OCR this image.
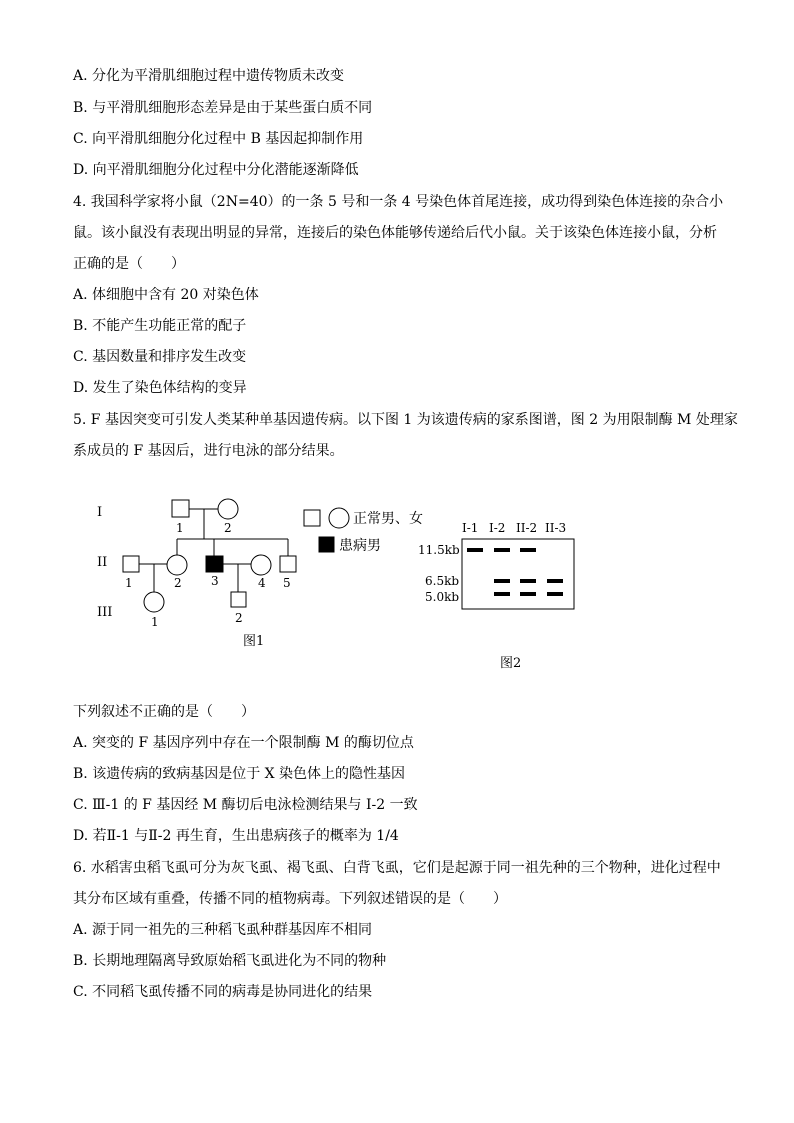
A. 分化为平滑肌细胞过程中遗传物质未改变
B. 与平滑肌细胞形态差异是由于某些蛋白质不同
C. 向平滑肌细胞分化过程中 B 基因起抑制作用
D. 向平滑肌细胞分化过程中分化潜能逐渐降低
4. 我国科学家将小鼠（2N=40）的一条 5 号和一条 4 号染色体首尾连接，成功得到染色体连接的杂合小
鼠。该小鼠没有表现出明显的异常，连接后的染色体能够传递给后代小鼠。关于该染色体连接小鼠，分析
正确的是（　　）
A. 体细胞中含有 20 对染色体
B. 不能产生功能正常的配子
C. 基因数量和排序发生改变
D. 发生了染色体结构的变异
5. F 基因突变可引发人类某种单基因遗传病。以下图 1 为该遗传病的家系图谱，图 2 为用限制酶 M 处理家
系成员的 F 基因后，进行电泳的部分结果。
I
II
III
1	2
1	2 3	4 5
1	2
图1
正常男、女
患病男
I-1 I-2 II-2 II-3
11.5kb
6.5kb
5.0kb
图2
下列叙述不正确的是（　　）
A. 突变的 F 基因序列中存在一个限制酶 M 的酶切位点
B. 该遗传病的致病基因是位于 X 染色体上的隐性基因
C. Ⅲ-1 的 F 基因经 M 酶切后电泳检测结果与 I-2 一致
D. 若Ⅱ-1 与Ⅱ-2 再生育，生出患病孩子的概率为 1/4
6. 水稻害虫稻飞虱可分为灰飞虱、褐飞虱、白背飞虱，它们是起源于同一祖先种的三个物种，进化过程中
其分布区域有重叠，传播不同的植物病毒。下列叙述错误的是（　　）
A. 源于同一祖先的三种稻飞虱种群基因库不相同
B. 长期地理隔离导致原始稻飞虱进化为不同的物种
C. 不同稻飞虱传播不同的病毒是协同进化的结果
